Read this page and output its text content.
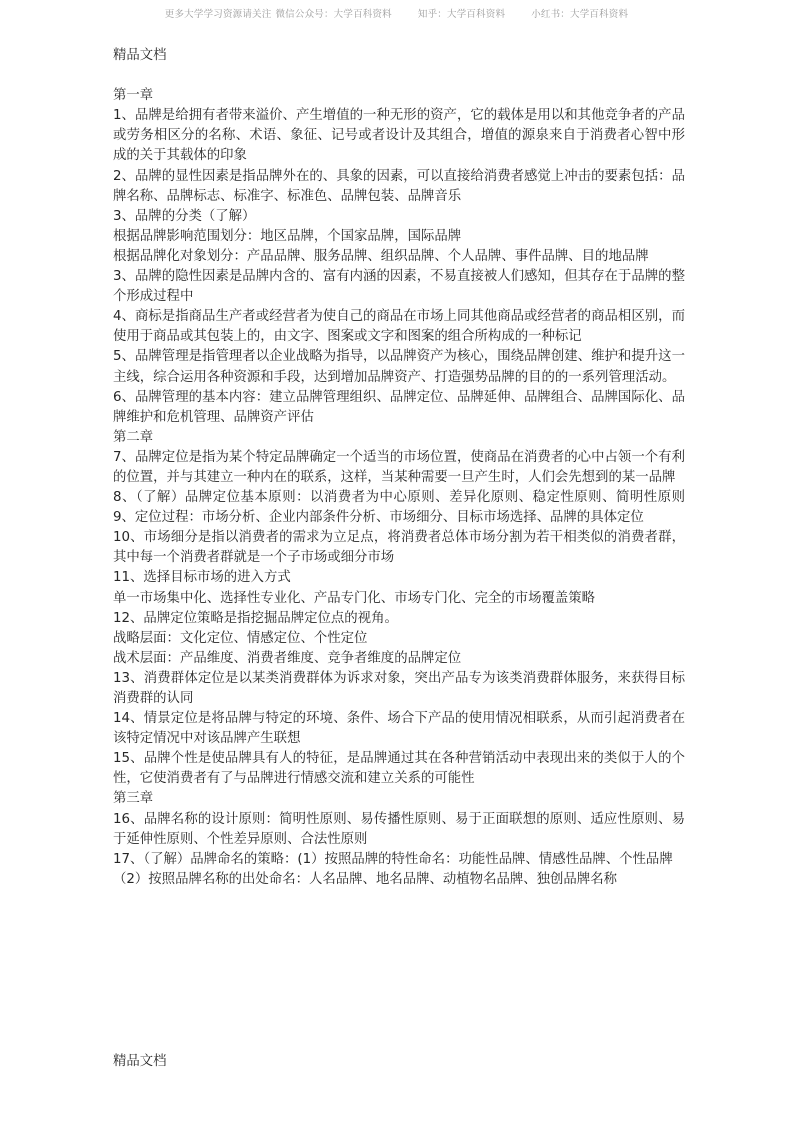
更多大学学习资源请关注 微信公众号：大学百科资料	知乎：大学百科资料	小红书：大学百科资料

精品文档

第一章

1、品牌是给拥有者带来溢价、产生增值的一种无形的资产，它的载体是用以和其他竞争者的产品或劳务相区分的名称、术语、象征、记号或者设计及其组合，增值的源泉来自于消费者心智中形成的关于其载体的印象

2、品牌的显性因素是指品牌外在的、具象的因素，可以直接给消费者感觉上冲击的要素包括：品牌名称、品牌标志、标准字、标准色、品牌包装、品牌音乐

3、品牌的分类（了解）

根据品牌影响范围划分：地区品牌，个国家品牌，国际品牌

根据品牌化对象划分：产品品牌、服务品牌、组织品牌、个人品牌、事件品牌、目的地品牌

3、品牌的隐性因素是品牌内含的、富有内涵的因素，不易直接被人们感知，但其存在于品牌的整个形成过程中

4、商标是指商品生产者或经营者为使自己的商品在市场上同其他商品或经营者的商品相区别，而使用于商品或其包装上的，由文字、图案或文字和图案的组合所构成的一种标记

5、品牌管理是指管理者以企业战略为指导，以品牌资产为核心，围绕品牌创建、维护和提升这一主线，综合运用各种资源和手段，达到增加品牌资产、打造强势品牌的目的的一系列管理活动。

6、品牌管理的基本内容：建立品牌管理组织、品牌定位、品牌延伸、品牌组合、品牌国际化、品牌维护和危机管理、品牌资产评估

第二章

7、品牌定位是指为某个特定品牌确定一个适当的市场位置，使商品在消费者的心中占领一个有利的位置，并与其建立一种内在的联系，这样，当某种需要一旦产生时，人们会先想到的某一品牌

8、（了解）品牌定位基本原则：以消费者为中心原则、差异化原则、稳定性原则、简明性原则 9、定位过程：市场分析、企业内部条件分析、市场细分、目标市场选择、品牌的具体定位

10、市场细分是指以消费者的需求为立足点，将消费者总体市场分割为若干相类似的消费者群，其中每一个消费者群就是一个子市场或细分市场

11、选择目标市场的进入方式

单一市场集中化、选择性专业化、产品专门化、市场专门化、完全的市场覆盖策略

12、品牌定位策略是指挖掘品牌定位点的视角。

战略层面：文化定位、情感定位、个性定位

战术层面：产品维度、消费者维度、竞争者维度的品牌定位

13、消费群体定位是以某类消费群体为诉求对象，突出产品专为该类消费群体服务，来获得目标消费群的认同

14、情景定位是将品牌与特定的环境、条件、场合下产品的使用情况相联系，从而引起消费者在该特定情况中对该品牌产生联想

15、品牌个性是使品牌具有人的特征，是品牌通过其在各种营销活动中表现出来的类似于人的个性，它使消费者有了与品牌进行情感交流和建立关系的可能性

第三章

16、品牌名称的设计原则：简明性原则、易传播性原则、易于正面联想的原则、适应性原则、易于延伸性原则、个性差异原则、合法性原则

17、（了解）品牌命名的策略：(1）按照品牌的特性命名：功能性品牌、情感性品牌、个性品牌

（2）按照品牌名称的出处命名：人名品牌、地名品牌、动植物名品牌、独创品牌名称

精品文档
